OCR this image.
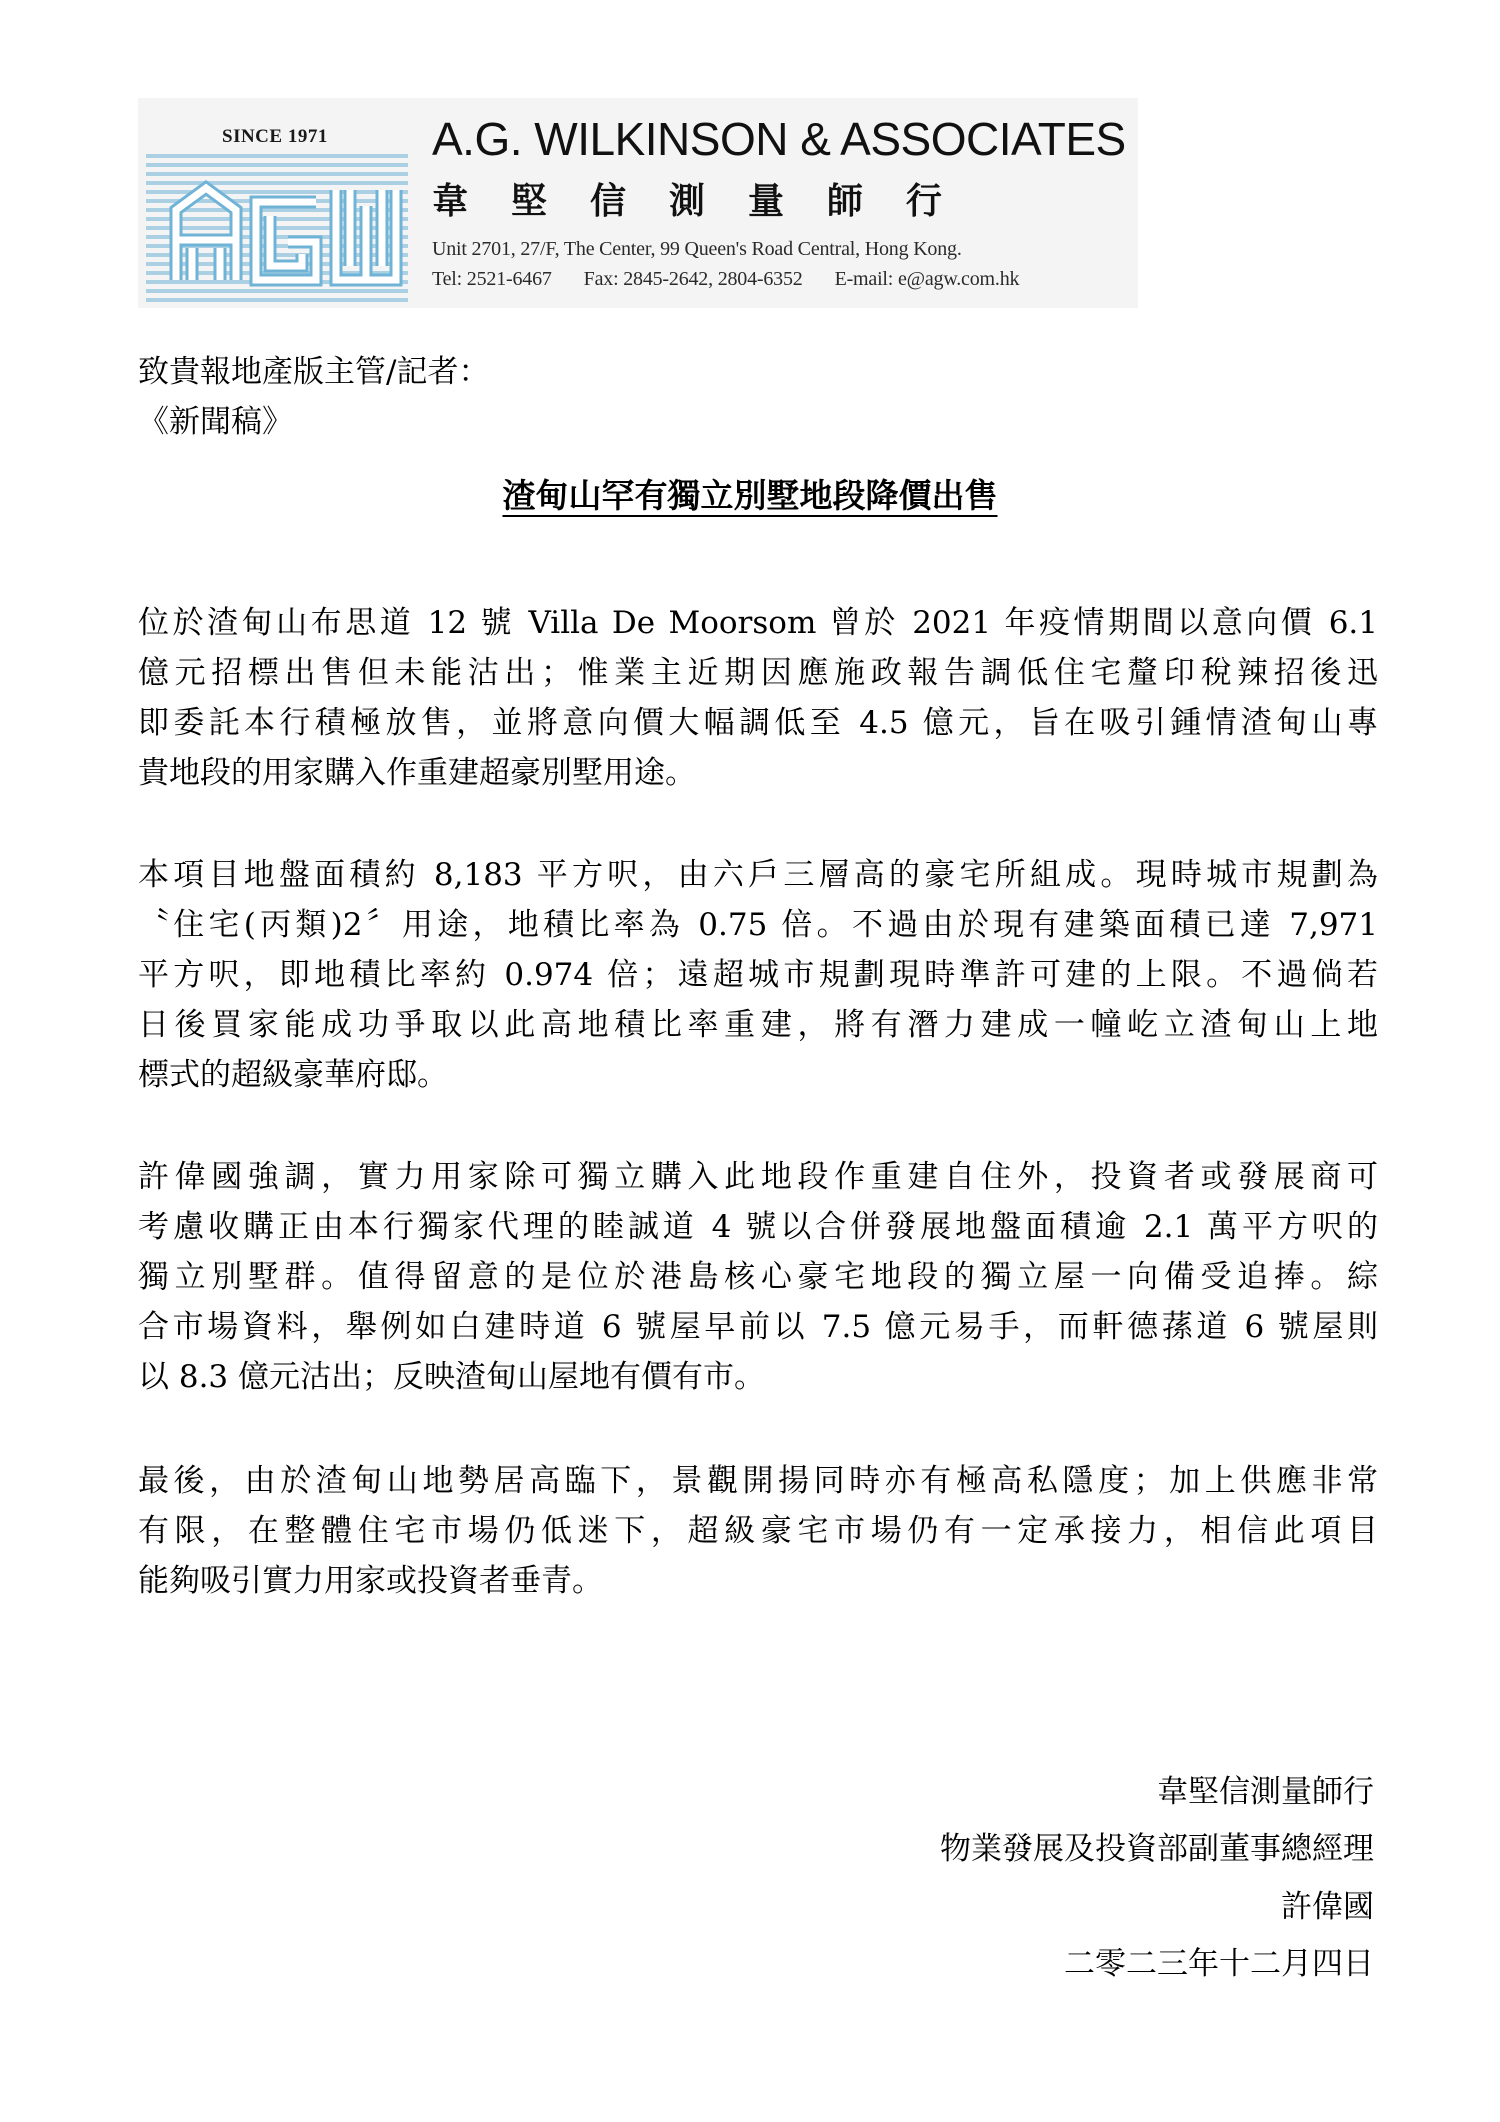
SINCE 1971 A.G. WILKINSON & ASSOCIATES
韋 堅 信 測 量 師 行
Unit 2701, 27/F, The Center, 99 Queen's Road Central, Hong Kong.
Tel: 2521-6467 Fax: 2845-2642, 2804-6352 E-mail: e@agw.com.hk
致貴報地產版主管/記者：
《新聞稿》
渣甸山罕有獨立別墅地段降價出售
位於渣甸山布思道 12 號 Villa De Moorsom 曾於 2021 年疫情期間以意向價 6.1
億元招標出售但未能沽出；惟業主近期因應施政報告調低住宅釐印稅辣招後迅
即委託本行積極放售，並將意向價大幅調低至 4.5 億元，旨在吸引鍾情渣甸山專
貴地段的用家購入作重建超豪別墅用途。
本項目地盤面積約 8,183 平方呎，由六戶三層高的豪宅所組成。現時城市規劃為
〝住宅(丙類)2〞用途，地積比率為 0.75 倍。不過由於現有建築面積已達 7,971
平方呎，即地積比率約 0.974 倍；遠超城市規劃現時準許可建的上限。不過倘若
日後買家能成功爭取以此高地積比率重建，將有潛力建成一幢屹立渣甸山上地
標式的超級豪華府邸。
許偉國強調，實力用家除可獨立購入此地段作重建自住外，投資者或發展商可
考慮收購正由本行獨家代理的睦誠道 4 號以合併發展地盤面積逾 2.1 萬平方呎的
獨立別墅群。值得留意的是位於港島核心豪宅地段的獨立屋一向備受追捧。綜
合市場資料，舉例如白建時道 6 號屋早前以 7.5 億元易手，而軒德蓀道 6 號屋則
以 8.3 億元沽出；反映渣甸山屋地有價有市。
最後，由於渣甸山地勢居高臨下，景觀開揚同時亦有極高私隱度；加上供應非常
有限，在整體住宅市場仍低迷下，超級豪宅市場仍有一定承接力，相信此項目
能夠吸引實力用家或投資者垂青。
韋堅信測量師行
物業發展及投資部副董事總經理
許偉國
二零二三年十二月四日
